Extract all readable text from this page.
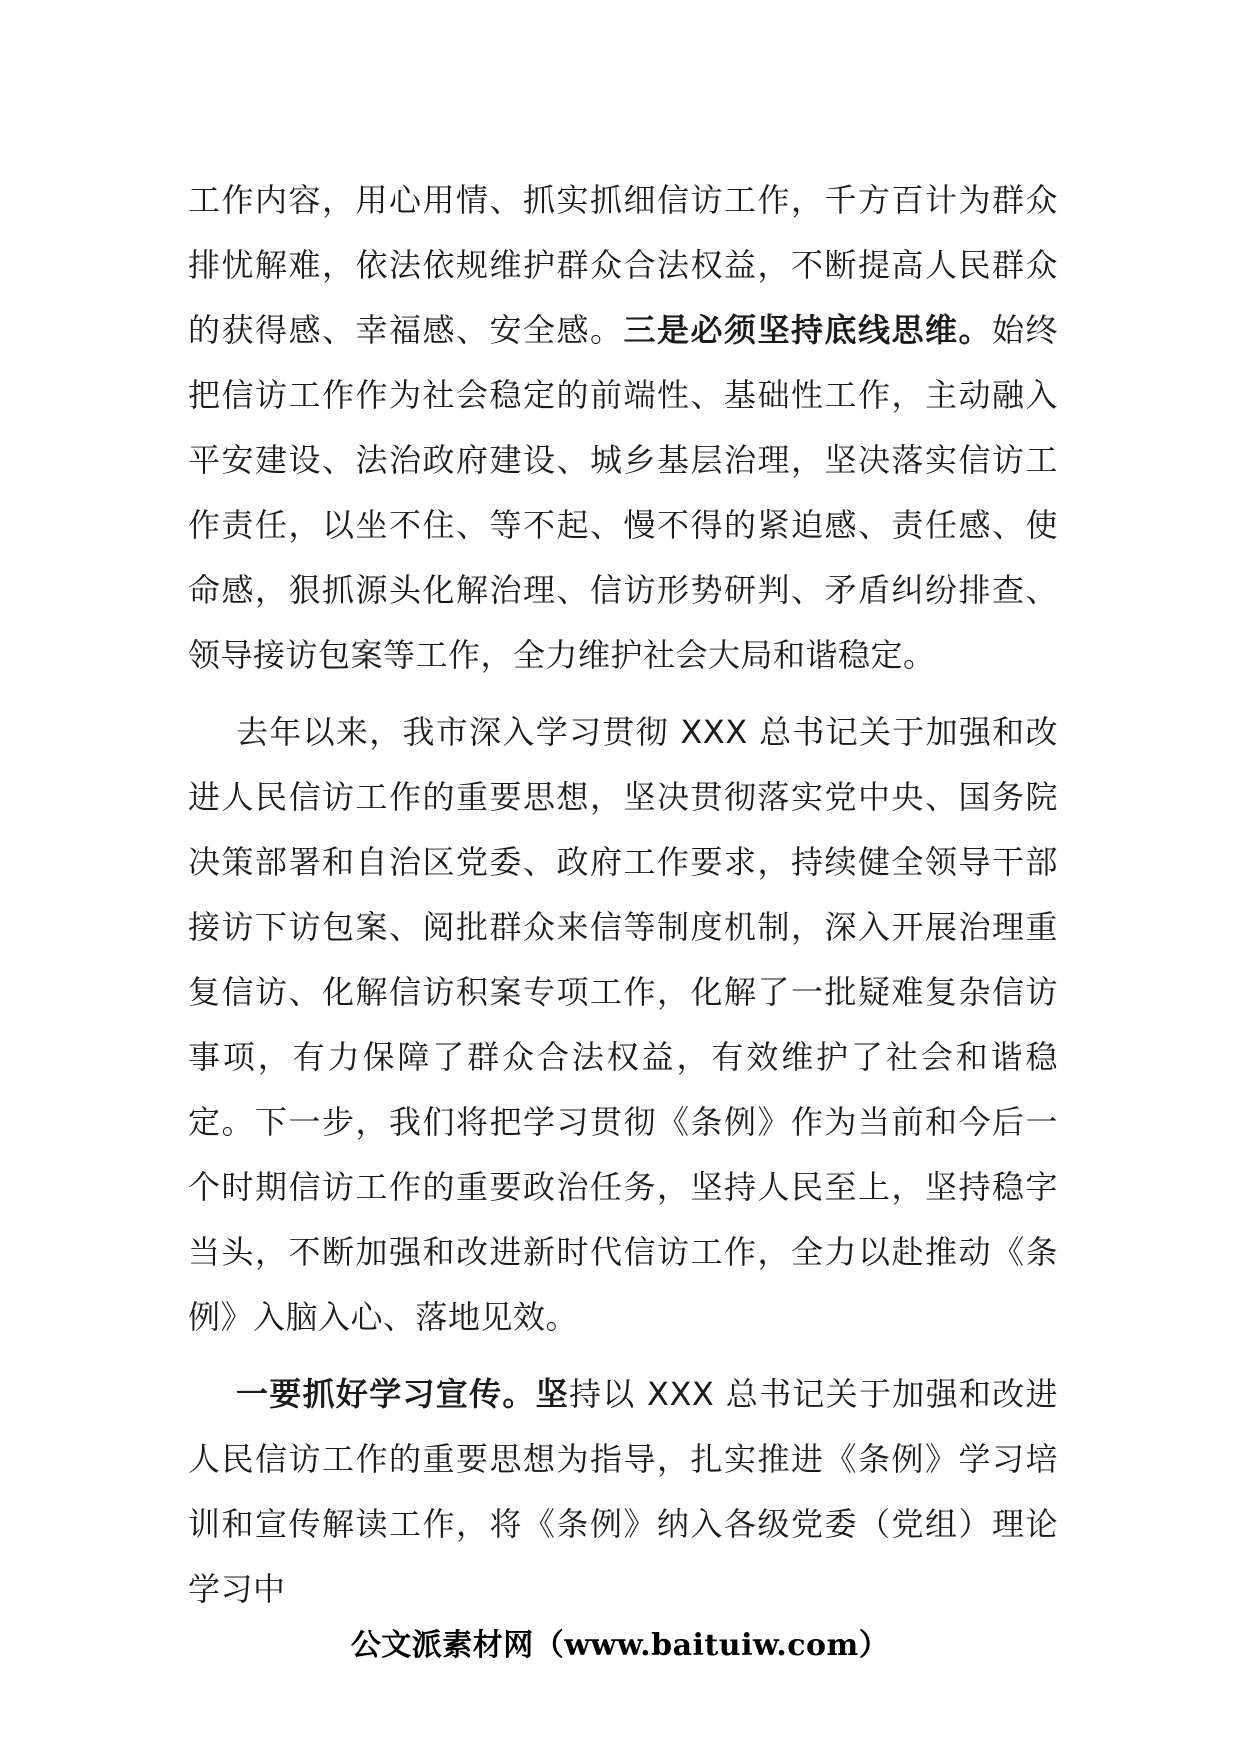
工作内容，用心用情、抓实抓细信访工作，千方百计为群众排忧解难，依法依规维护群众合法权益，不断提高人民群众的获得感、幸福感、安全感。三是必须坚持底线思维。始终把信访工作作为社会稳定的前端性、基础性工作，主动融入平安建设、法治政府建设、城乡基层治理，坚决落实信访工作责任，以坐不住、等不起、慢不得的紧迫感、责任感、使命感，狠抓源头化解治理、信访形势研判、矛盾纠纷排查、领导接访包案等工作，全力维护社会大局和谐稳定。

去年以来，我市深入学习贯彻 XXX 总书记关于加强和改进人民信访工作的重要思想，坚决贯彻落实党中央、国务院决策部署和自治区党委、政府工作要求，持续健全领导干部接访下访包案、阅批群众来信等制度机制，深入开展治理重复信访、化解信访积案专项工作，化解了一批疑难复杂信访事项，有力保障了群众合法权益，有效维护了社会和谐稳定。下一步，我们将把学习贯彻《条例》作为当前和今后一个时期信访工作的重要政治任务，坚持人民至上，坚持稳字当头，不断加强和改进新时代信访工作，全力以赴推动《条例》入脑入心、落地见效。

一要抓好学习宣传。坚持以 XXX 总书记关于加强和改进人民信访工作的重要思想为指导，扎实推进《条例》学习培训和宣传解读工作，将《条例》纳入各级党委（党组）理论学习中

公文派素材网（www.baituiw.com）
